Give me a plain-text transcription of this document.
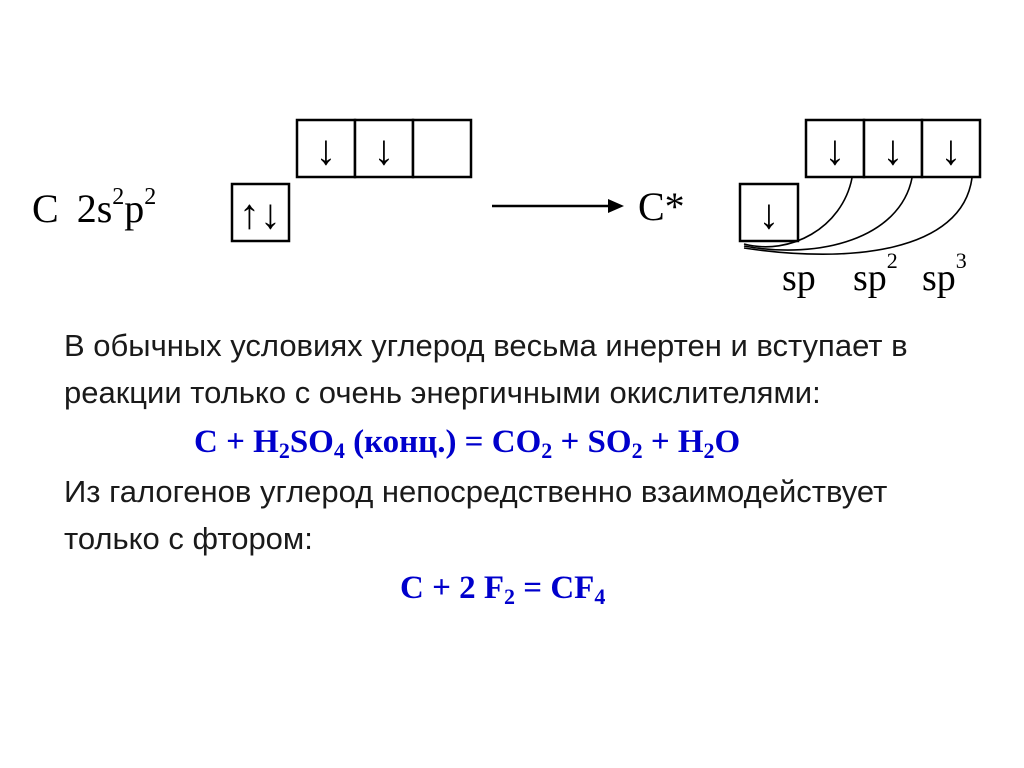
C $2s^2p^2$ ↑↓
↓ ↓
C* ↓
↓ ↓ ↓
sp $sp^2$ $sp^3$

В обычных условиях углерод весьма инертен и вступает в реакции только с очень энергичными окислителями:

$C + H_2SO_4$ (конц.) = $CO_2 + SO_2 + H_2O$

Из галогенов углерод непосредственно взаимодействует только с фтором:

C + 2 $F_2 = CF_4$
